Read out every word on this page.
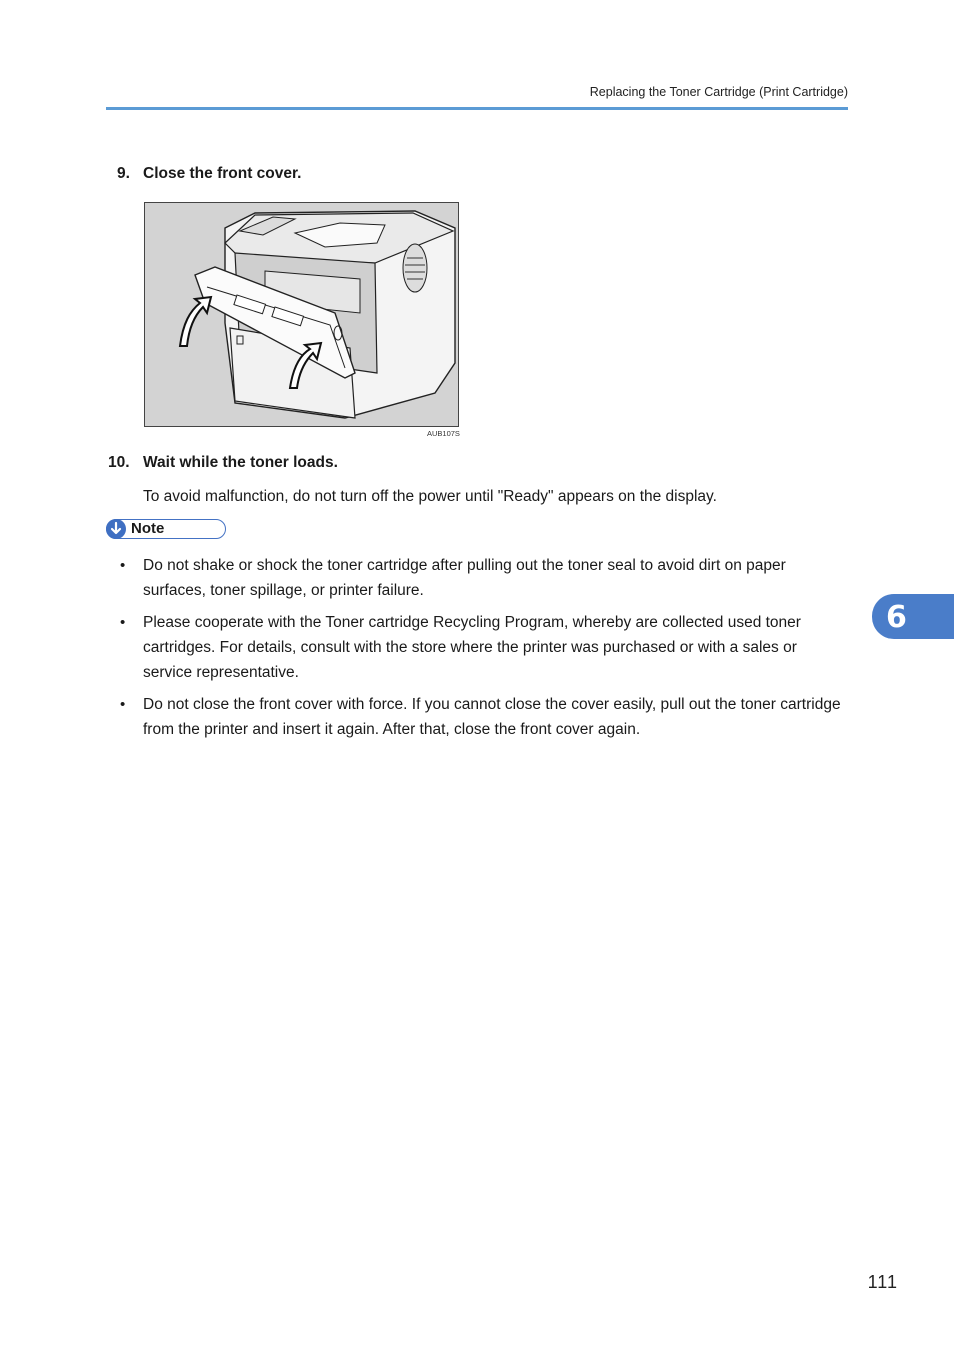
Replacing the Toner Cartridge (Print Cartridge)
9. Close the front cover.
AUB107S
10. Wait while the toner loads.
To avoid malfunction, do not turn off the power until "Ready" appears on the display.
Note
• Do not shake or shock the toner cartridge after pulling out the toner seal to avoid dirt on paper surfaces, toner spillage, or printer failure.
• Please cooperate with the Toner cartridge Recycling Program, whereby are collected used toner cartridges. For details, consult with the store where the printer was purchased or with a sales or service representative.
• Do not close the front cover with force. If you cannot close the cover easily, pull out the toner cartridge from the printer and insert it again. After that, close the front cover again.
6
111
